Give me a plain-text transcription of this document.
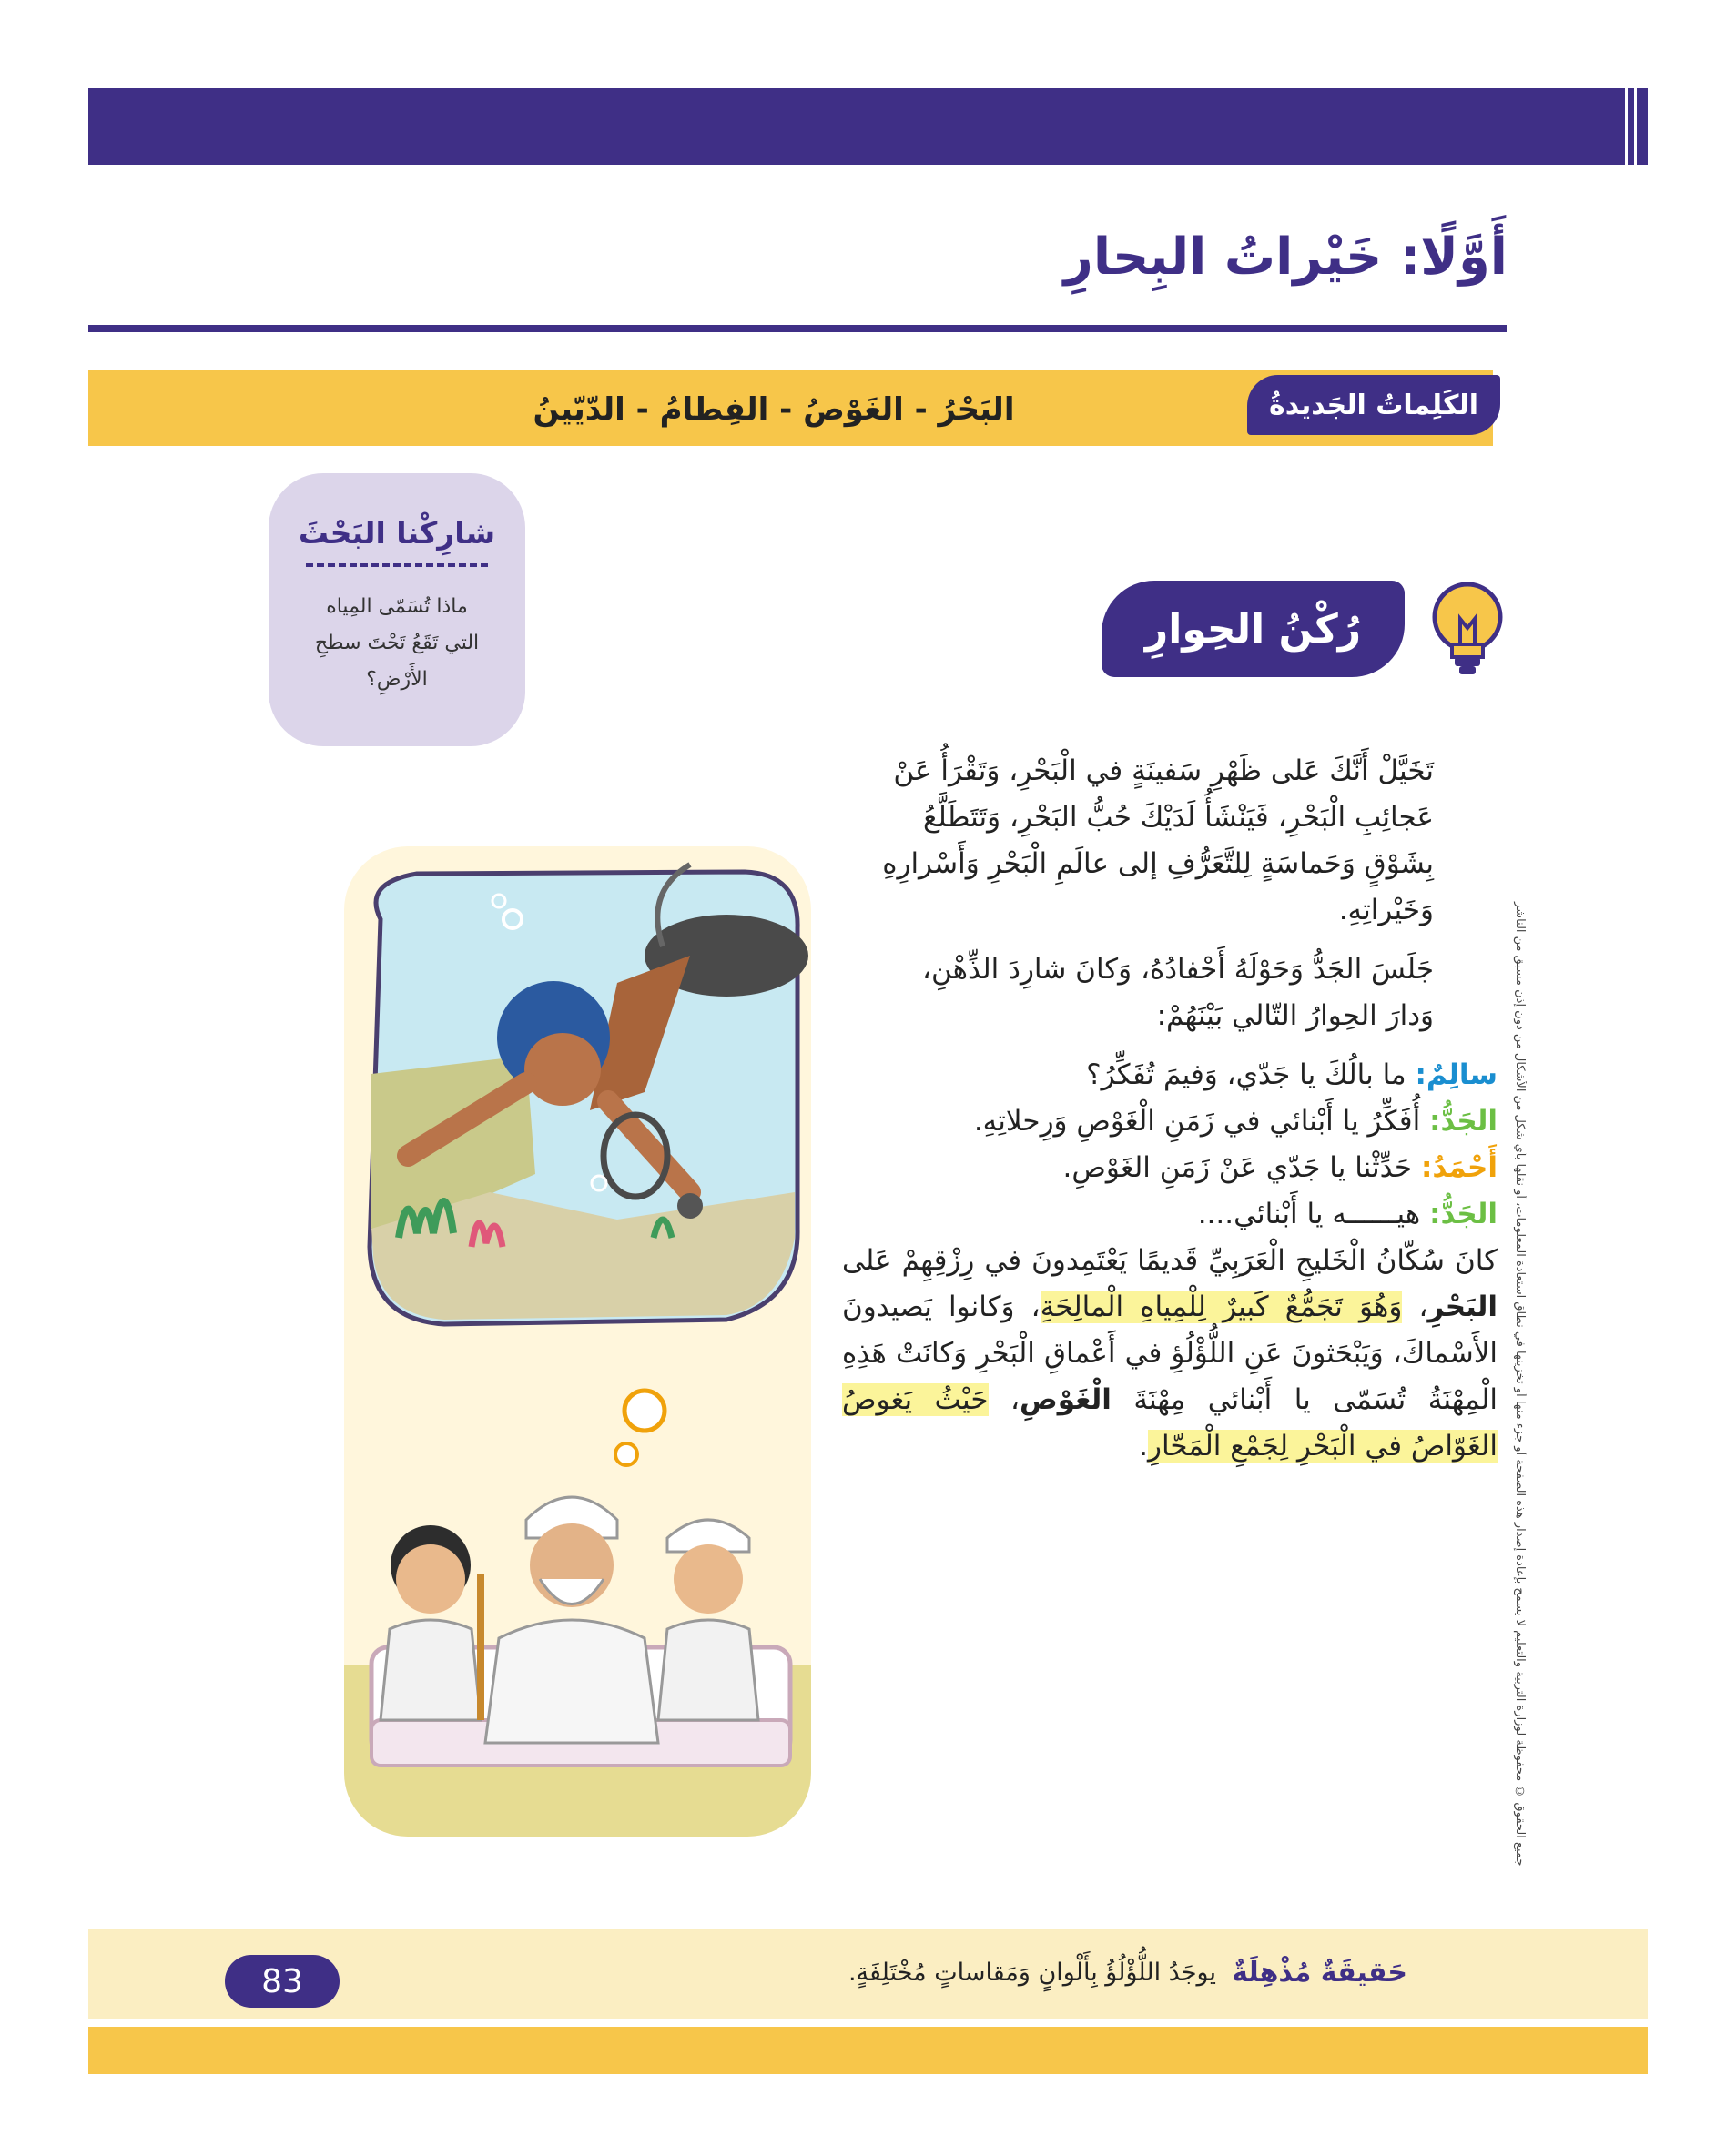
أَوَّلًا: خَيْراتُ البِحارِ
الكَلِماتُ الجَديدةُ
البَحْرُ - الغَوْصُ - الفِطامُ - الدّيّينُ
شارِكْنا البَحْثَ
ماذا تُسَمّى المِياه التي تَقَعُ تَحْتَ سطحِ الأَرْضِ؟
رُكْنُ الحِوارِ
جميع الحقوق © محفوظة لوزارة التربية والتعليم لا يسمح بإعادة إصدار هذه الصفحة أو جزء منها أو تخزينها في نطاق استعادة المعلومات، أو نقلها بأي شكل من الأشكال من دون إذن مسبق من الناشر

تَخَيَّلْ أَنَّكَ عَلى ظَهْرِ سَفينَةٍ في الْبَحْرِ، وَتَقْرَأُ عَنْ

عَجائِبِ الْبَحْرِ، فَيَنْشَأُ لَدَيْكَ حُبُّ البَحْرِ، وَتَتَطَلَّعُ

بِشَوْقٍ وَحَماسَةٍ لِلتَّعَرُّفِ إلى عالَمِ الْبَحْرِ وَأَسْرارِهِ

وَخَيْراتِهِ.

جَلَسَ الجَدُّ وَحَوْلَهُ أَحْفادُهُ، وَكانَ شارِدَ الذِّهْنِ،

وَدارَ الحِوارُ التّالي بَيْنَهُمْ:

سالِمٌ: ما بالُكَ يا جَدّي، وَفيمَ تُفَكِّرُ؟

الجَدُّ: أُفَكِّرُ يا أَبْنائي في زَمَنِ الْغَوْصِ وَرِحلاتِهِ.

أَحْمَدُ: حَدِّثْنا يا جَدّي عَنْ زَمَنِ الغَوْصِ.

الجَدُّ: هيــــــه يا أَبْنائي....

كانَ سُكّانُ الْخَليجِ الْعَرَبِيِّ قَديمًا يَعْتَمِدونَ في رِزْقِهِمْ عَلى البَحْرِ، وَهُوَ تَجَمُّعٌ كَبيرٌ لِلْمِياهِ الْمالِحَةِ، وَكانوا يَصيدونَ الأَسْماكَ، وَيَبْحَثونَ عَنِ اللُّؤْلُؤِ في أَعْماقِ الْبَحْرِ وَكانَتْ هَذِهِ الْمِهْنَةُ تُسَمّى يا أَبْنائي مِهْنَةَ الْغَوْصِ، حَيْثُ يَغوصُ الغَوّاصُ في الْبَحْرِ لِجَمْعِ الْمَحّارِ.

حَقيقَةٌ مُذْهِلَةٌ
يوجَدُ اللُّؤْلُؤُ بِأَلْوانٍ وَمَقاساتٍ مُخْتَلِفَةٍ.
83
